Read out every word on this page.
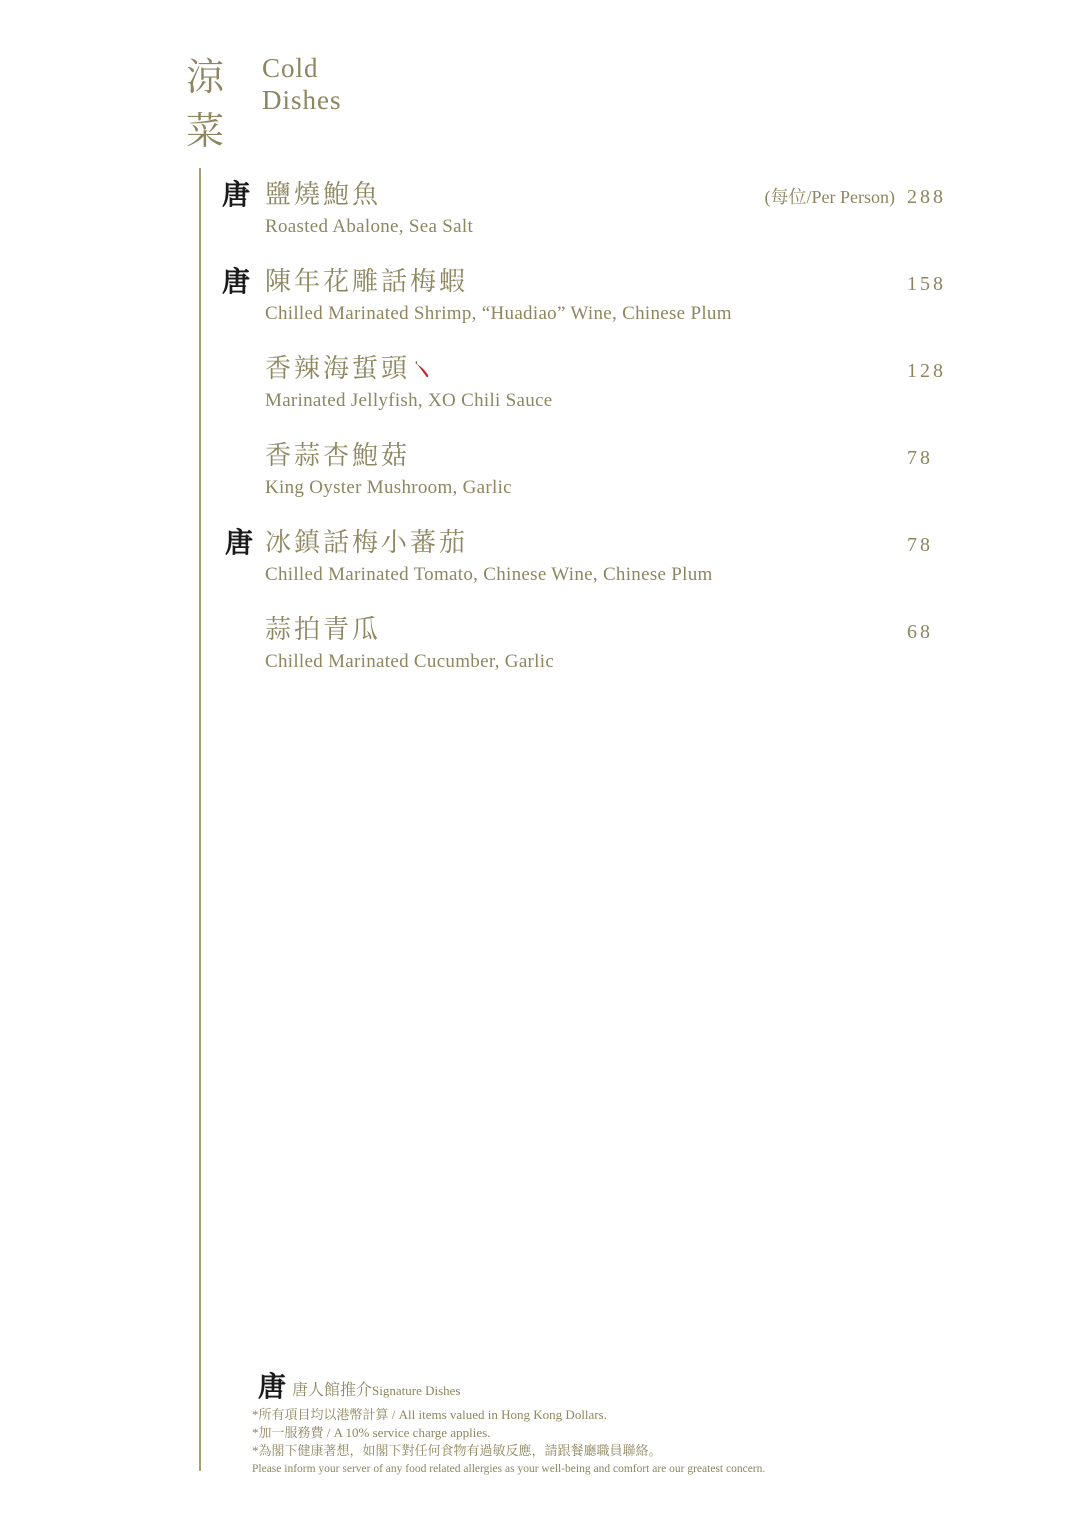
涼
菜
Cold
Dishes
唐 鹽燒鮑魚	(每位/Per Person) 288
Roasted Abalone, Sea Salt
唐 陳年花雕話梅蝦	158
Chilled Marinated Shrimp, “Huadiao” Wine, Chinese Plum
香辣海蜇頭	128
Marinated Jellyfish, XO Chili Sauce
香蒜杏鮑菇	78
King Oyster Mushroom, Garlic
唐 冰鎮話梅小蕃茄	78
Chilled Marinated Tomato, Chinese Wine, Chinese Plum
蒜拍青瓜	68
Chilled Marinated Cucumber, Garlic
唐 唐人館推介Signature Dishes
*所有項目均以港幣計算 / All items valued in Hong Kong Dollars.
*加一服務費 / A 10% service charge applies.
*為閣下健康著想，如閣下對任何食物有過敏反應，請跟餐廳職員聯絡。
Please inform your server of any food related allergies as your well-being and comfort are our greatest concern.
